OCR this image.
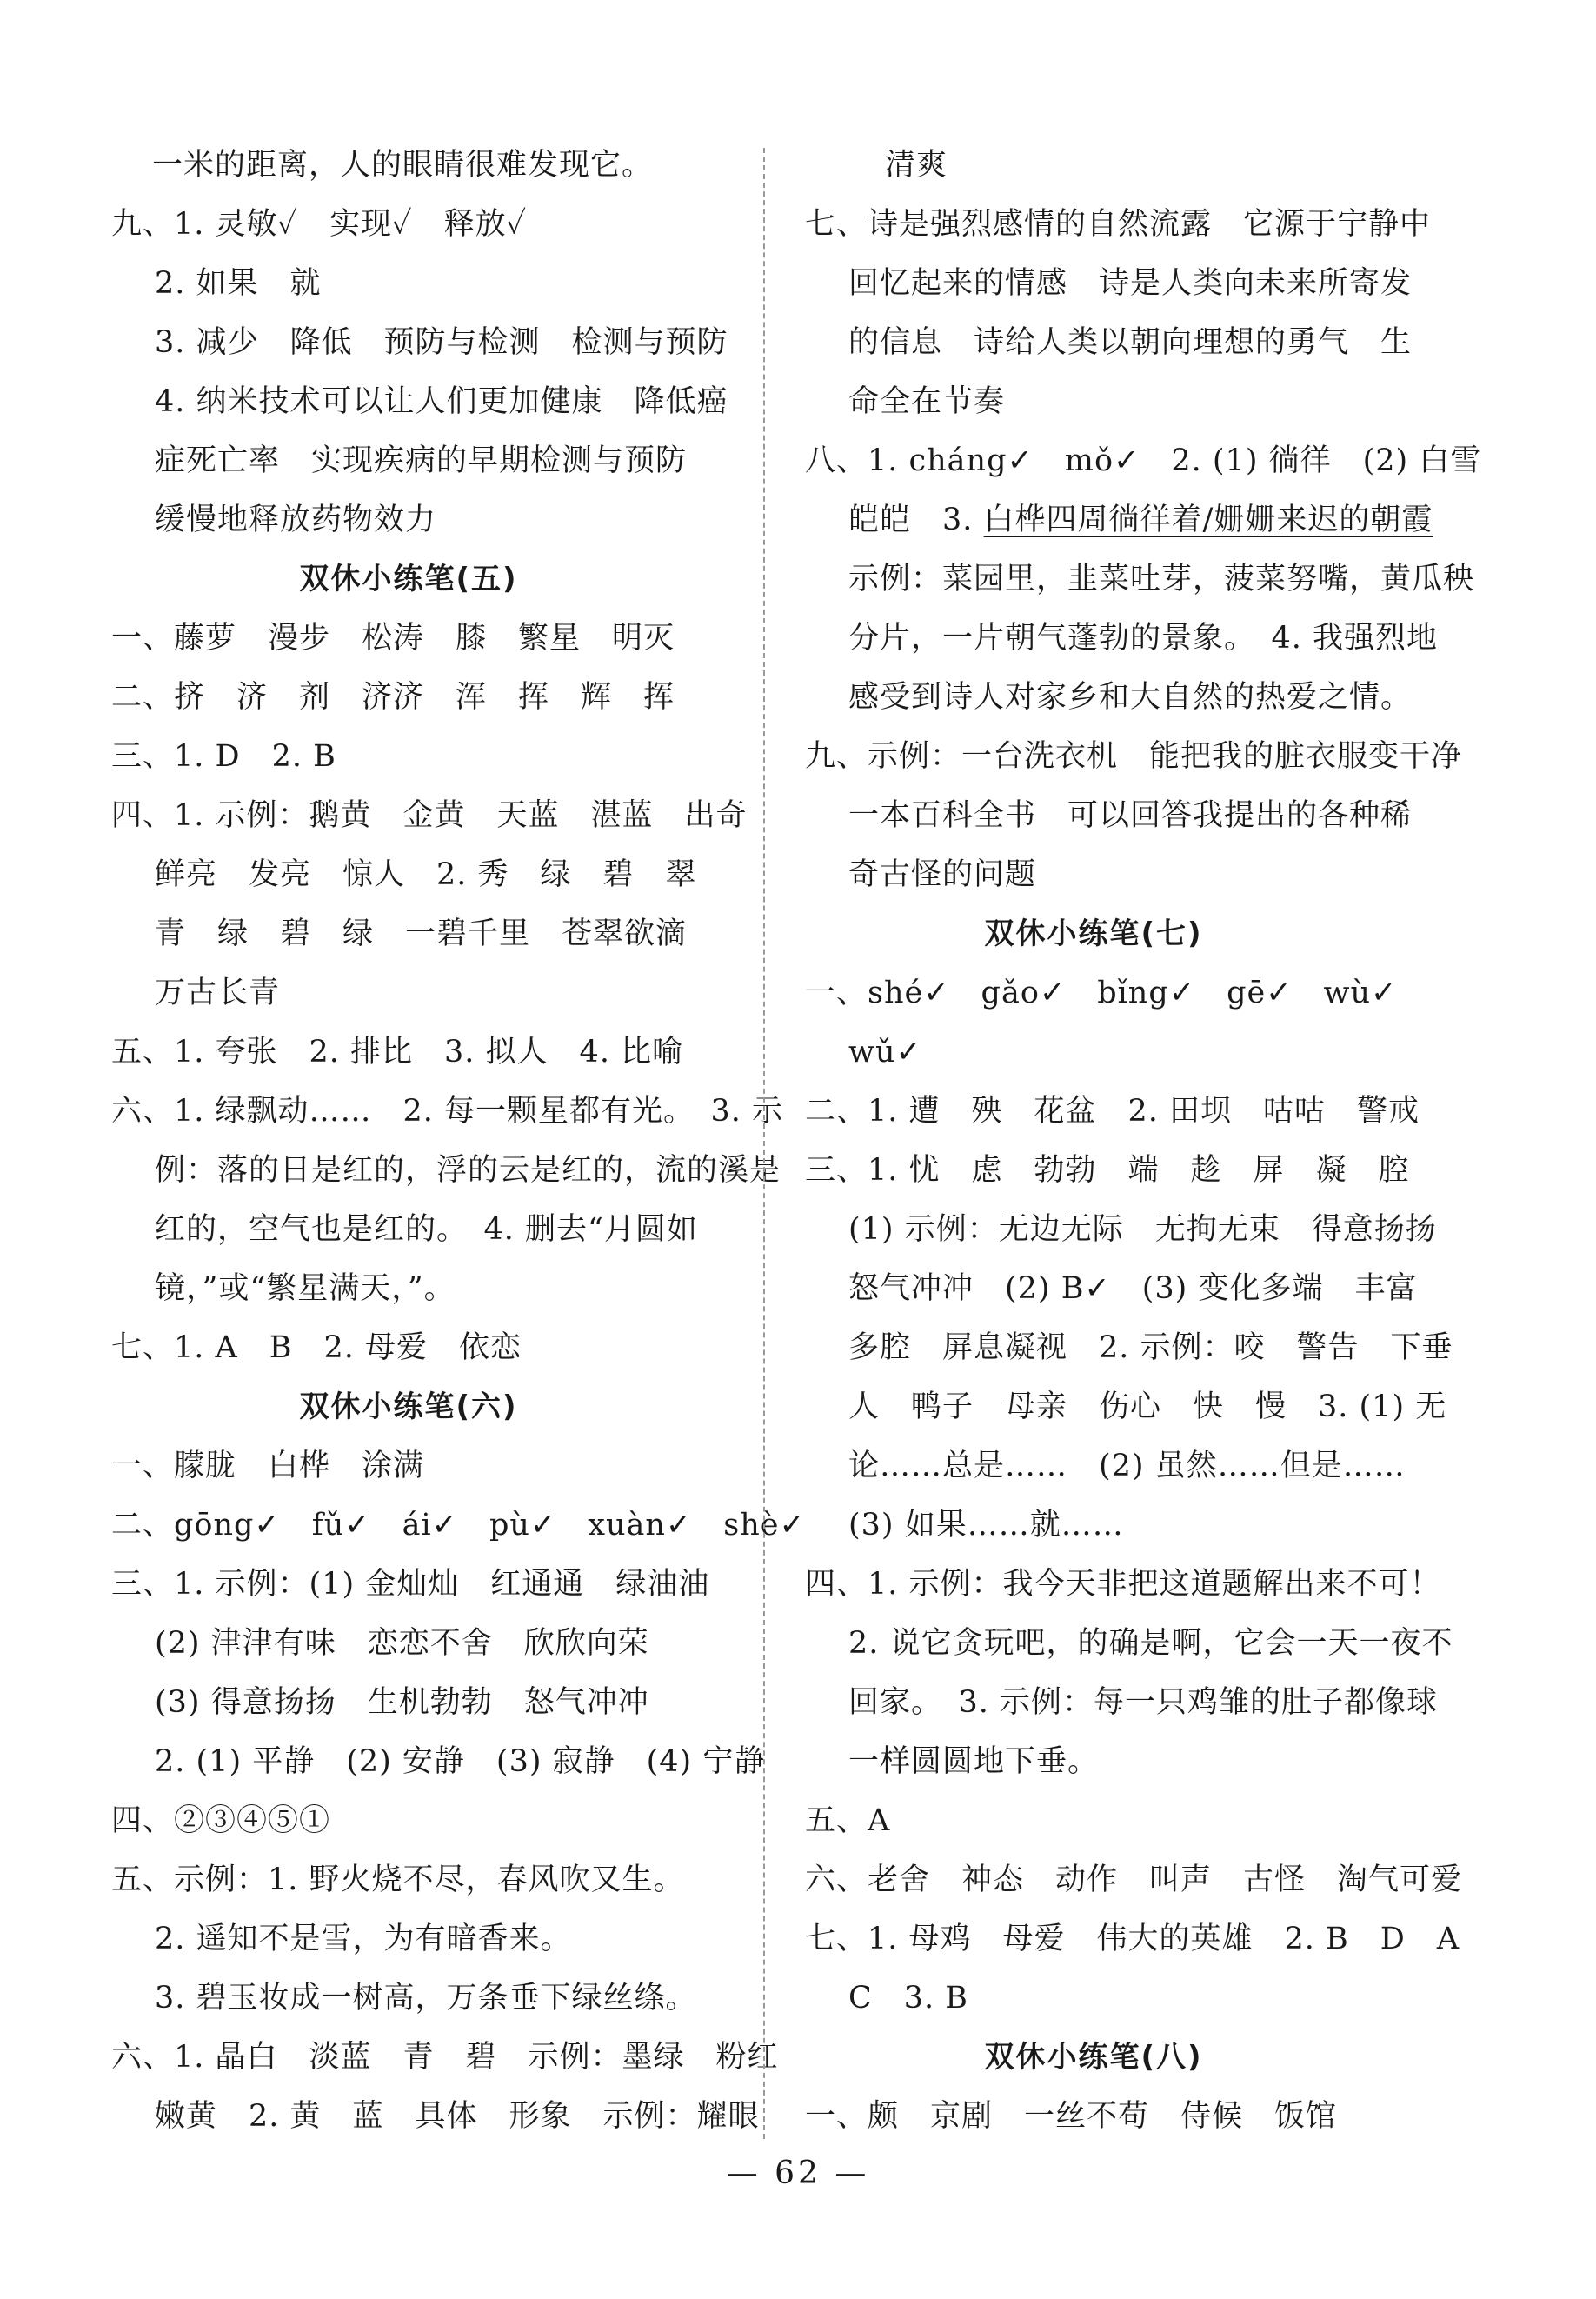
一米的距离，人的眼睛很难发现它。
九、1. 灵敏✓　实现✓　释放✓
2. 如果　就
3. 减少　降低　预防与检测　检测与预防
4. 纳米技术可以让人们更加健康　降低癌
症死亡率　实现疾病的早期检测与预防
缓慢地释放药物效力
双休小练笔(五)
一、藤萝　漫步　松涛　膝　繁星　明灭
二、挤　济　剂　济济　浑　挥　辉　挥
三、1. D　2. B
四、1. 示例：鹅黄　金黄　天蓝　湛蓝　出奇
鲜亮　发亮　惊人　2. 秀　绿　碧　翠
青　绿　碧　绿　一碧千里　苍翠欲滴
万古长青
五、1. 夸张　2. 排比　3. 拟人　4. 比喻
六、1. 绿飘动……　2. 每一颗星都有光。　3. 示
例：落的日是红的，浮的云是红的，流的溪是
红的，空气也是红的。　4. 删去“月圆如
镜，”或“繁星满天，”。
七、1. A　B　2. 母爱　依恋
双休小练笔(六)
一、朦胧　白桦　涂满
二、gōng✓　fǔ✓　ái✓　pù✓　xuàn✓　shè✓
三、1. 示例：(1) 金灿灿　红通通　绿油油
(2) 津津有味　恋恋不舍　欣欣向荣
(3) 得意扬扬　生机勃勃　怒气冲冲
2. (1) 平静　(2) 安静　(3) 寂静　(4) 宁静
四、②③④⑤①
五、示例：1. 野火烧不尽，春风吹又生。
2. 遥知不是雪，为有暗香来。
3. 碧玉妆成一树高，万条垂下绿丝绦。
六、1. 晶白　淡蓝　青　碧　示例：墨绿　粉红
嫩黄　2. 黄　蓝　具体　形象　示例：耀眼
清爽
七、诗是强烈感情的自然流露　它源于宁静中
回忆起来的情感　诗是人类向未来所寄发
的信息　诗给人类以朝向理想的勇气　生
命全在节奏
八、1. cháng✓　mǒ✓　2. (1) 徜徉　(2) 白雪
皑皑　3. 白桦四周徜徉着/姗姗来迟的朝霞
示例：菜园里，韭菜吐芽，菠菜努嘴，黄瓜秧
分片，一片朝气蓬勃的景象。　4. 我强烈地
感受到诗人对家乡和大自然的热爱之情。
九、示例：一台洗衣机　能把我的脏衣服变干净
一本百科全书　可以回答我提出的各种稀
奇古怪的问题
双休小练笔(七)
一、shé✓　gǎo✓　bǐng✓　gē✓　wù✓
wǔ✓
二、1. 遭　殃　花盆　2. 田坝　咕咕　警戒
三、1. 忧　虑　勃勃　端　趁　屏　凝　腔
(1) 示例：无边无际　无拘无束　得意扬扬
怒气冲冲　(2) B✓　(3) 变化多端　丰富
多腔　屏息凝视　2. 示例：咬　警告　下垂
人　鸭子　母亲　伤心　快　慢　3. (1) 无
论……总是……　(2) 虽然……但是……
(3) 如果……就……
四、1. 示例：我今天非把这道题解出来不可！
2. 说它贪玩吧，的确是啊，它会一天一夜不
回家。　3. 示例：每一只鸡雏的肚子都像球
一样圆圆地下垂。
五、A
六、老舍　神态　动作　叫声　古怪　淘气可爱
七、1. 母鸡　母爱　伟大的英雄　2. B　D　A
C　3. B
双休小练笔(八)
一、颇　京剧　一丝不苟　侍候　饭馆
— 62 —
